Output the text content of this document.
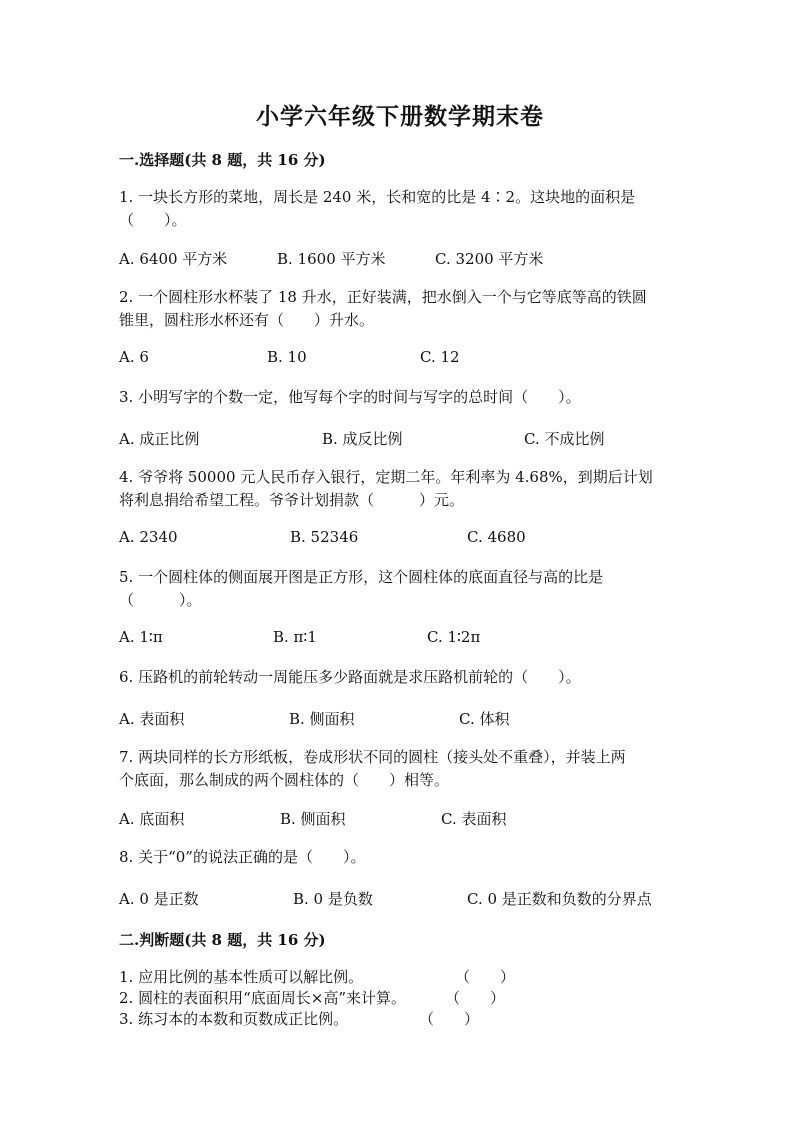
小学六年级下册数学期末卷
一.选择题(共 8 题，共 16 分)
1. 一块长方形的菜地，周长是 240 米，长和宽的比是 4∶2。这块地的面积是
（　　）。
A. 6400 平方米	B. 1600 平方米	C. 3200 平方米
2. 一个圆柱形水杯装了 18 升水，正好装满，把水倒入一个与它等底等高的铁圆
锥里，圆柱形水杯还有（　　）升水。
A. 6	B. 10	C. 12
3. 小明写字的个数一定，他写每个字的时间与写字的总时间（　　）。
A. 成正比例	B. 成反比例	C. 不成比例
4. 爷爷将 50000 元人民币存入银行，定期二年。年利率为 4.68%，到期后计划
将利息捐给希望工程。爷爷计划捐款（　　　）元。
A. 2340	B. 52346	C. 4680
5. 一个圆柱体的侧面展开图是正方形，这个圆柱体的底面直径与高的比是
（　　　）。
A. 1∶π	B. π∶1	C. 1∶2π
6. 压路机的前轮转动一周能压多少路面就是求压路机前轮的（　　）。
A. 表面积	B. 侧面积	C. 体积
7. 两块同样的长方形纸板，卷成形状不同的圆柱（接头处不重叠），并装上两
个底面，那么制成的两个圆柱体的（　　）相等。
A. 底面积	B. 侧面积	C. 表面积
8. 关于“0”的说法正确的是（　　）。
A. 0 是正数	B. 0 是负数	C. 0 是正数和负数的分界点
二.判断题(共 8 题，共 16 分)
1. 应用比例的基本性质可以解比例。	（　　）
2. 圆柱的表面积用“底面周长×高”来计算。	（　　）
3. 练习本的本数和页数成正比例。	（　　）
